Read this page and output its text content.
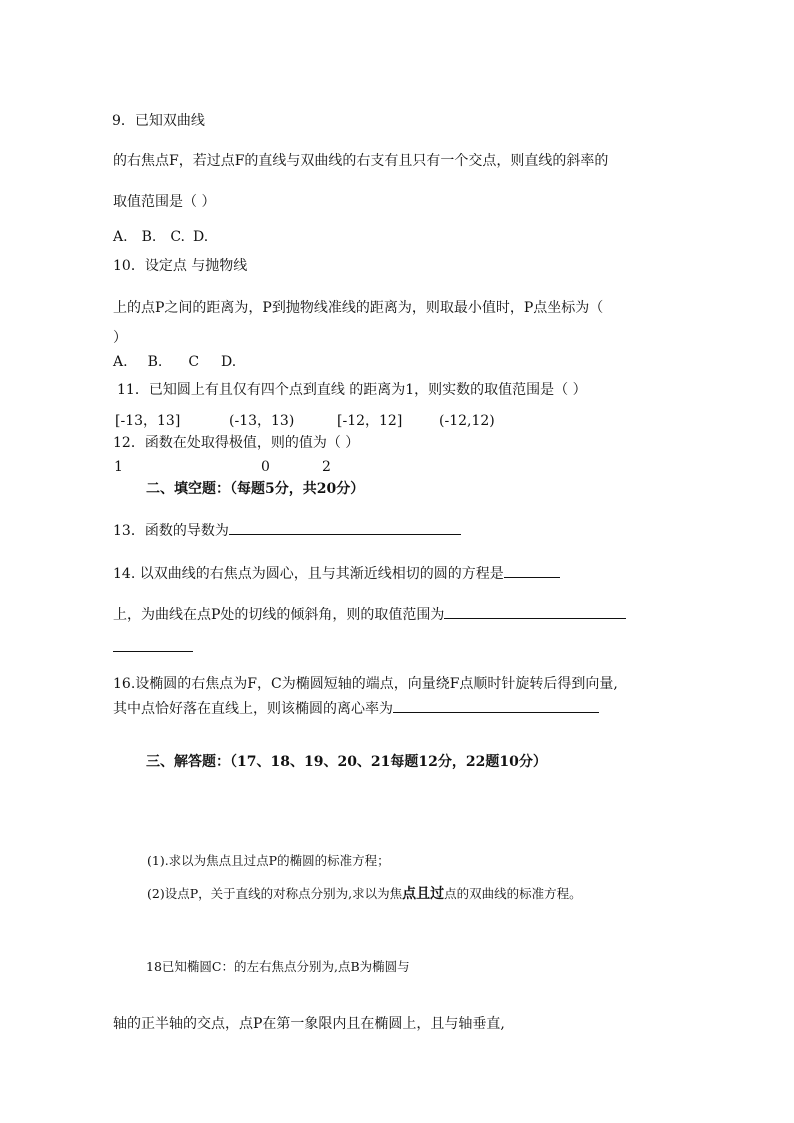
9．已知双曲线
的右焦点F，若过点F的直线与双曲线的右支有且只有一个交点，则直线的斜率的
取值范围是（ ）
A. B. C. D.
10．设定点 与抛物线
上的点P之间的距离为，P到抛物线准线的距离为，则取最小值时，P点坐标为（
）
A. B. C D.
11．已知圆上有且仅有四个点到直线 的距离为1，则实数的取值范围是（ ）
[-13，13]	(-13，13)	[-12，12]	(-12,12)
12．函数在处取得极值，则的值为（ ）
1	0	2
二、填空题：（每题5分，共20分）
13．函数的导数为
14. 以双曲线的右焦点为圆心，且与其渐近线相切的圆的方程是
上，为曲线在点P处的切线的倾斜角，则的取值范围为
16.设椭圆的右焦点为F，C为椭圆短轴的端点，向量绕F点顺时针旋转后得到向量,
其中点恰好落在直线上，则该椭圆的离心率为
三、解答题：（17、18、19、20、21每题12分，22题10分）
(1).求以为焦点且过点P的椭圆的标准方程；
(2)设点P，关于直线的对称点分别为,求以为焦点且过点的双曲线的标准方程。
18已知椭圆C：的左右焦点分别为,点B为椭圆与
轴的正半轴的交点，点P在第一象限内且在椭圆上，且与轴垂直,
